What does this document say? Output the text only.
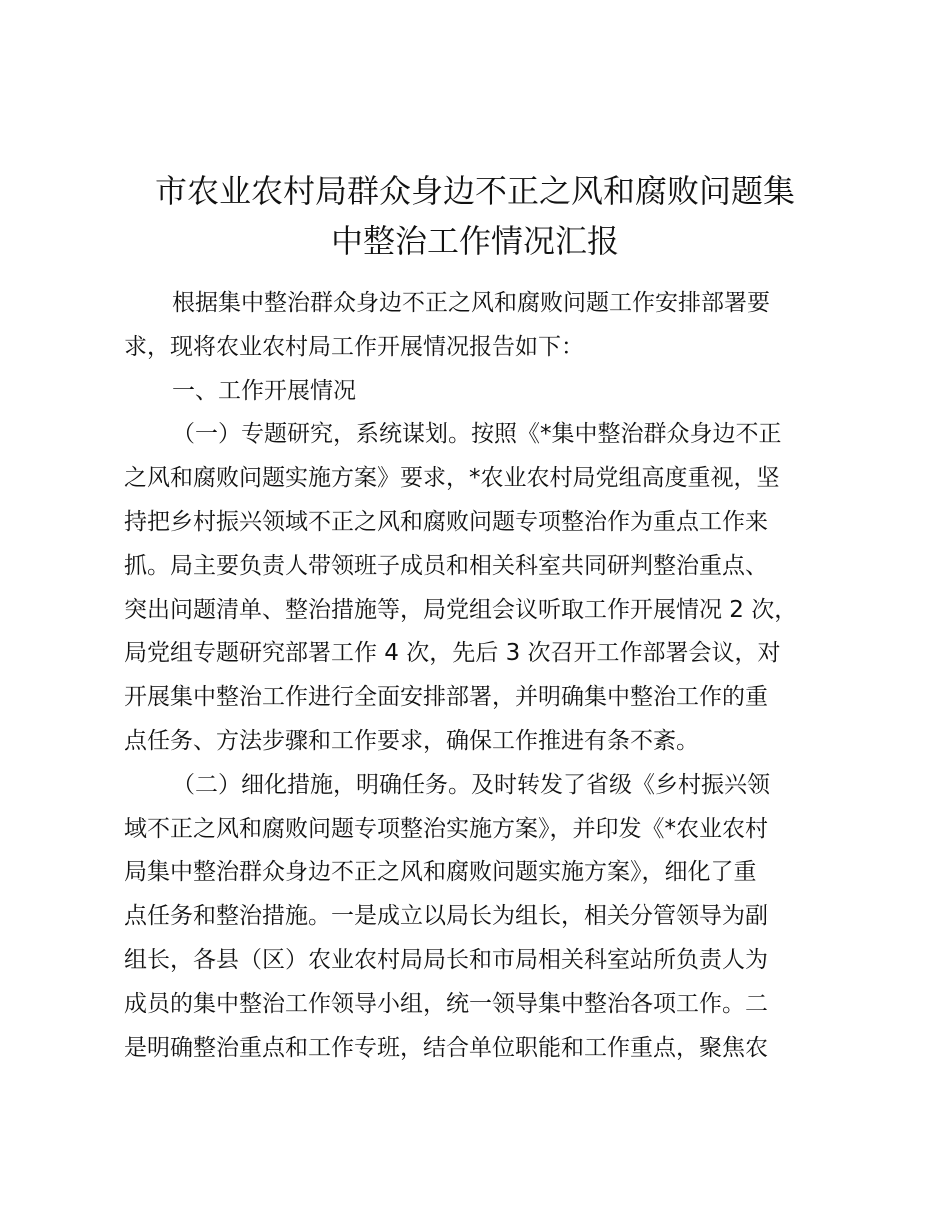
市农业农村局群众身边不正之风和腐败问题集
中整治工作情况汇报
根据集中整治群众身边不正之风和腐败问题工作安排部署要
求，现将农业农村局工作开展情况报告如下：
一、工作开展情况
（一）专题研究，系统谋划。按照《*集中整治群众身边不正
之风和腐败问题实施方案》要求，*农业农村局党组高度重视，坚
持把乡村振兴领域不正之风和腐败问题专项整治作为重点工作来
抓。局主要负责人带领班子成员和相关科室共同研判整治重点、
突出问题清单、整治措施等，局党组会议听取工作开展情况 2 次，
局党组专题研究部署工作 4 次，先后 3 次召开工作部署会议，对
开展集中整治工作进行全面安排部署，并明确集中整治工作的重
点任务、方法步骤和工作要求，确保工作推进有条不紊。
（二）细化措施，明确任务。及时转发了省级《乡村振兴领
域不正之风和腐败问题专项整治实施方案》，并印发《*农业农村
局集中整治群众身边不正之风和腐败问题实施方案》，细化了重
点任务和整治措施。一是成立以局长为组长，相关分管领导为副
组长，各县（区）农业农村局局长和市局相关科室站所负责人为
成员的集中整治工作领导小组，统一领导集中整治各项工作。二
是明确整治重点和工作专班，结合单位职能和工作重点，聚焦农
